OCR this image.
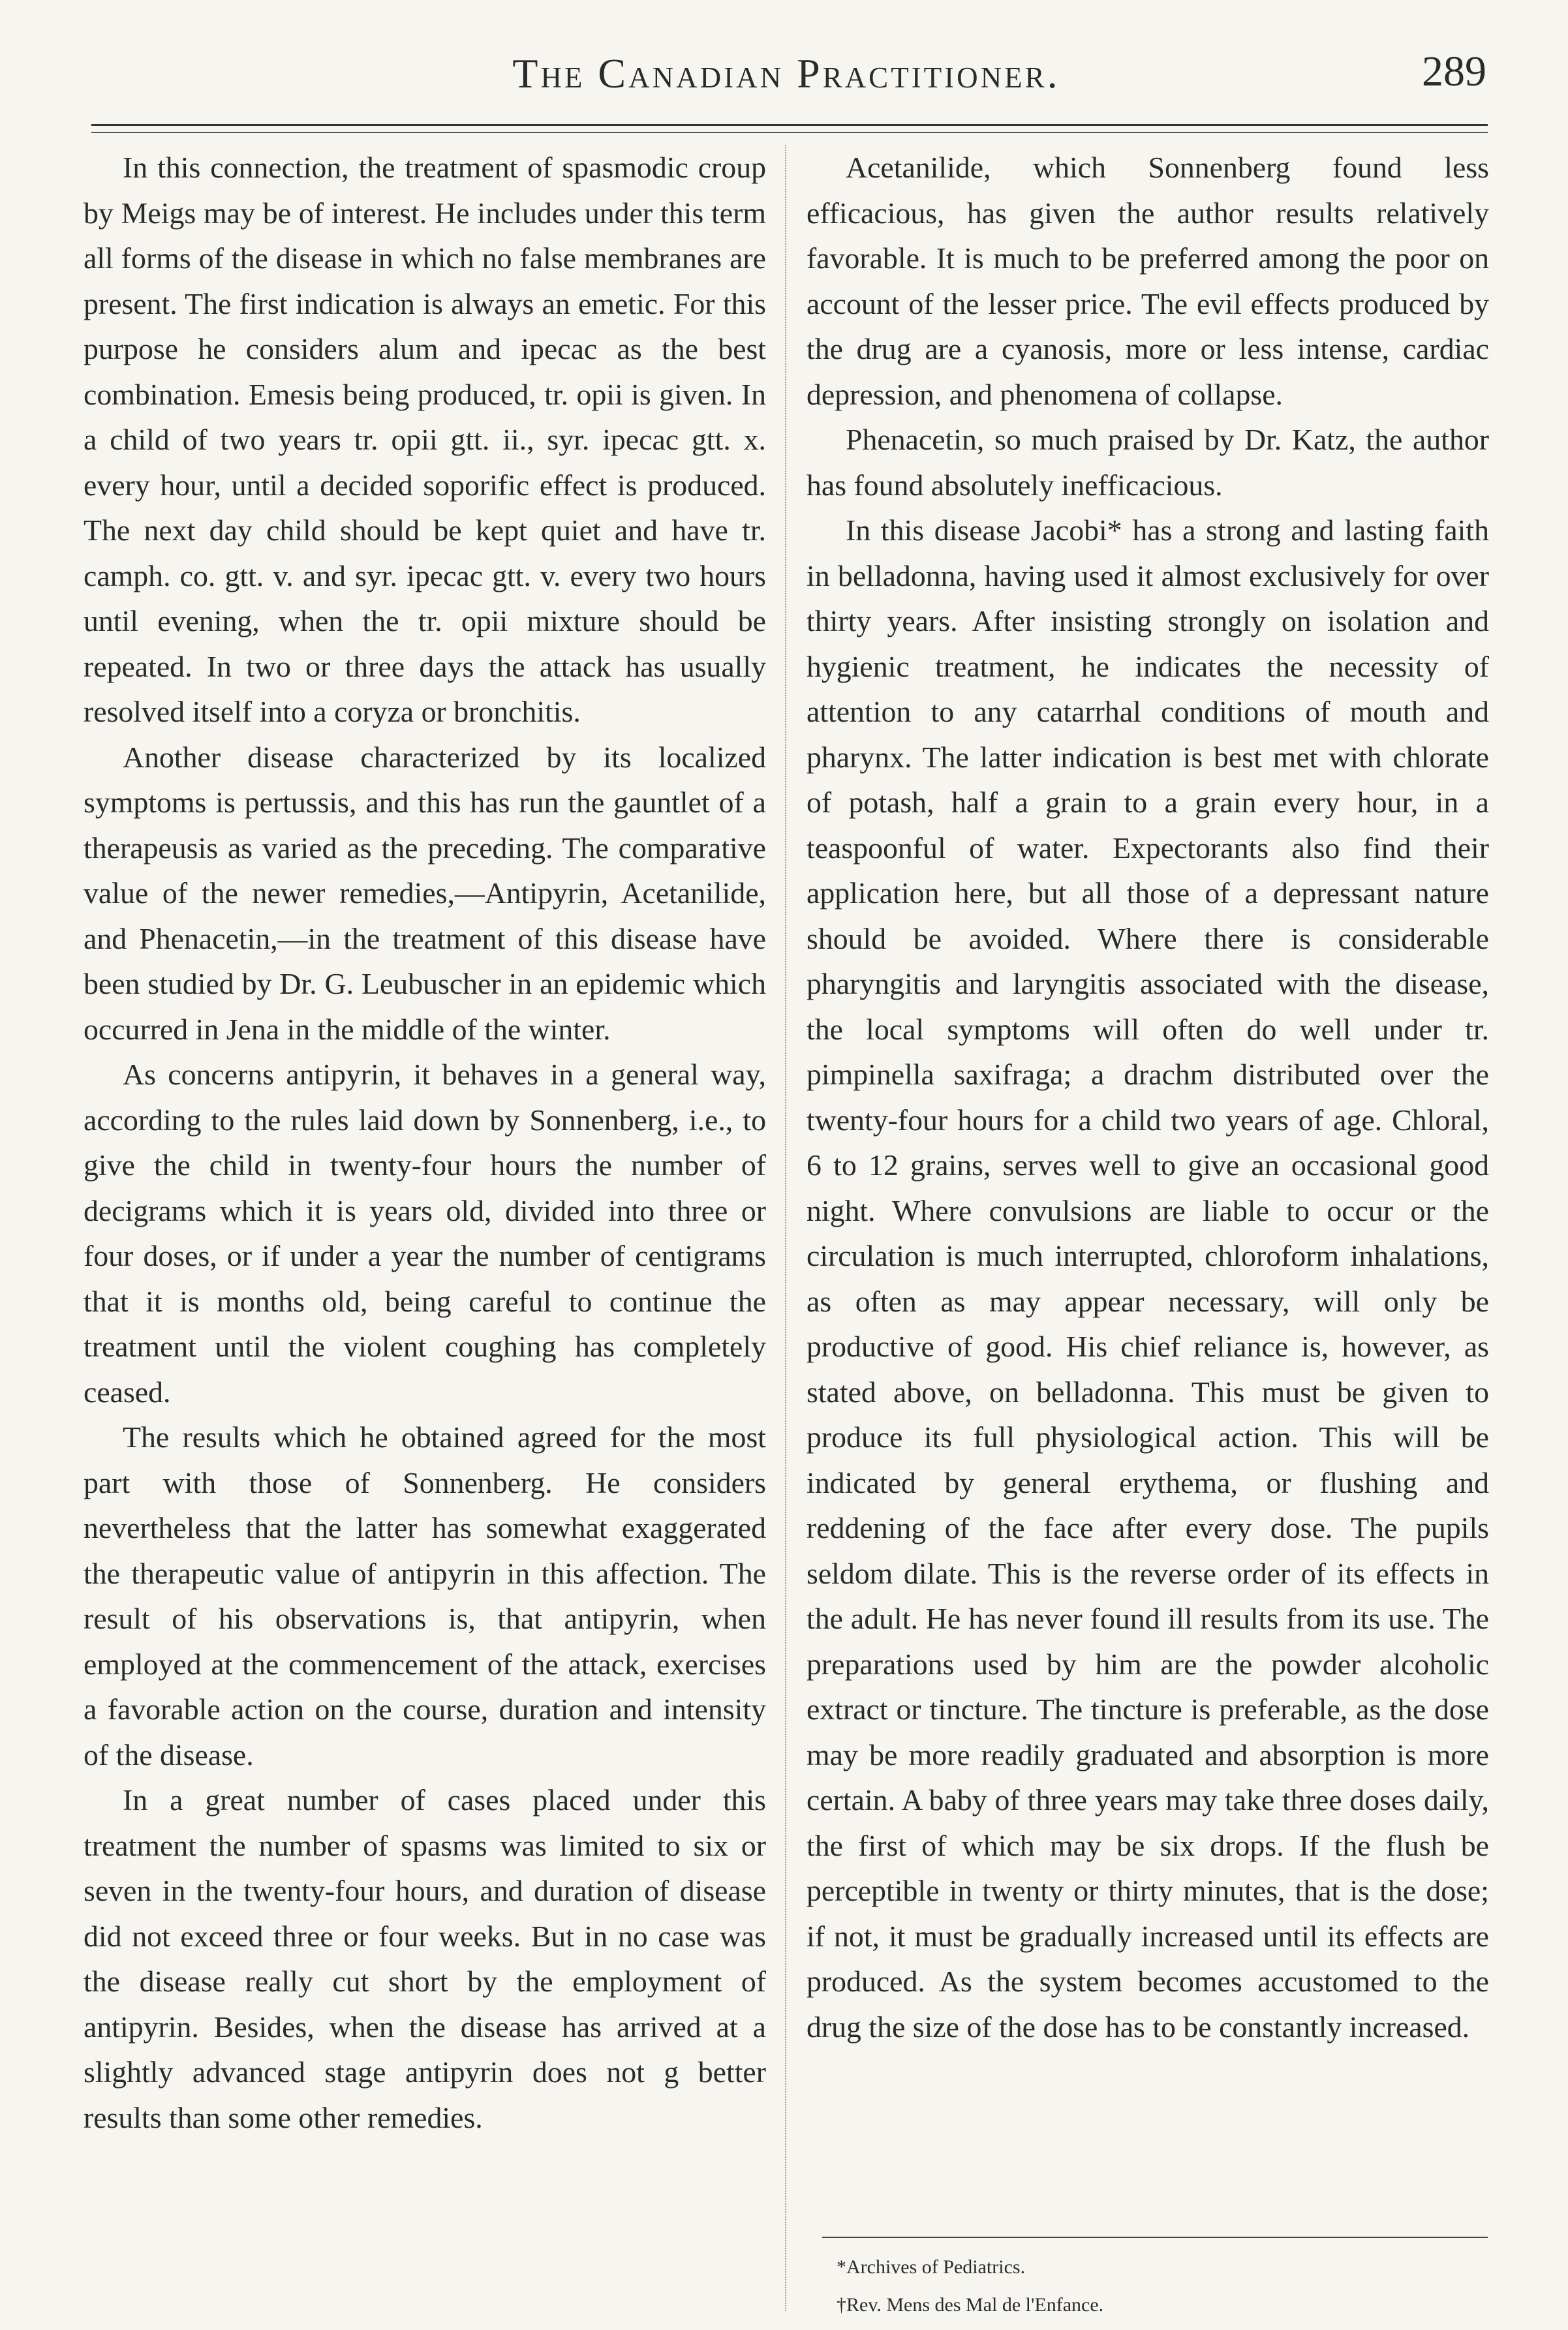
The Canadian Practitioner.	289

In this connection, the treatment of spasmodic croup by Meigs may be of interest. He includes under this term all forms of the disease in which no false membranes are present. The first indication is always an emetic. For this purpose he considers alum and ipecac as the best combination. Emesis being produced, tr. opii is given. In a child of two years tr. opii gtt. ii., syr. ipecac gtt. x. every hour, until a decided soporific effect is produced. The next day child should be kept quiet and have tr. camph. co. gtt. v. and syr. ipecac gtt. v. every two hours until evening, when the tr. opii mixture should be repeated. In two or three days the attack has usually resolved itself into a coryza or bronchitis.

Another disease characterized by its localized symptoms is pertussis, and this has run the gauntlet of a therapeusis as varied as the preceding. The comparative value of the newer remedies,—Antipyrin, Acetanilide, and Phenacetin,—in the treatment of this disease have been studied by Dr. G. Leubuscher in an epidemic which occurred in Jena in the middle of the winter.

As concerns antipyrin, it behaves in a general way, according to the rules laid down by Sonnenberg, i.e., to give the child in twenty-four hours the number of decigrams which it is years old, divided into three or four doses, or if under a year the number of centigrams that it is months old, being careful to continue the treatment until the violent coughing has completely ceased.

The results which he obtained agreed for the most part with those of Sonnenberg. He considers nevertheless that the latter has somewhat exaggerated the therapeutic value of antipyrin in this affection. The result of his observations is, that antipyrin, when employed at the commencement of the attack, exercises a favorable action on the course, duration and intensity of the disease.

In a great number of cases placed under this treatment the number of spasms was limited to six or seven in the twenty-four hours, and duration of disease did not exceed three or four weeks. But in no case was the disease really cut short by the employment of antipyrin. Besides, when the disease has arrived at a slightly advanced stage antipyrin does not g better results than some other remedies.

Acetanilide, which Sonnenberg found less efficacious, has given the author results relatively favorable. It is much to be preferred among the poor on account of the lesser price. The evil effects produced by the drug are a cyanosis, more or less intense, cardiac depression, and phenomena of collapse.

Phenacetin, so much praised by Dr. Katz, the author has found absolutely inefficacious.

In this disease Jacobi* has a strong and lasting faith in belladonna, having used it almost exclusively for over thirty years. After insisting strongly on isolation and hygienic treatment, he indicates the necessity of attention to any catarrhal conditions of mouth and pharynx. The latter indication is best met with chlorate of potash, half a grain to a grain every hour, in a teaspoonful of water. Expectorants also find their application here, but all those of a depressant nature should be avoided. Where there is considerable pharyngitis and laryngitis associated with the disease, the local symptoms will often do well under tr. pimpinella saxifraga; a drachm distributed over the twenty-four hours for a child two years of age. Chloral, 6 to 12 grains, serves well to give an occasional good night. Where convulsions are liable to occur or the circulation is much interrupted, chloroform inhalations, as often as may appear necessary, will only be productive of good. His chief reliance is, however, as stated above, on belladonna. This must be given to produce its full physiological action. This will be indicated by general erythema, or flushing and reddening of the face after every dose. The pupils seldom dilate. This is the reverse order of its effects in the adult. He has never found ill results from its use. The preparations used by him are the powder alcoholic extract or tincture. The tincture is preferable, as the dose may be more readily graduated and absorption is more certain. A baby of three years may take three doses daily, the first of which may be six drops. If the flush be perceptible in twenty or thirty minutes, that is the dose; if not, it must be gradually increased until its effects are produced. As the system becomes accustomed to the drug the size of the dose has to be constantly increased.

*Archives of Pediatrics.

†Rev. Mens des Mal de l'Enfance.
